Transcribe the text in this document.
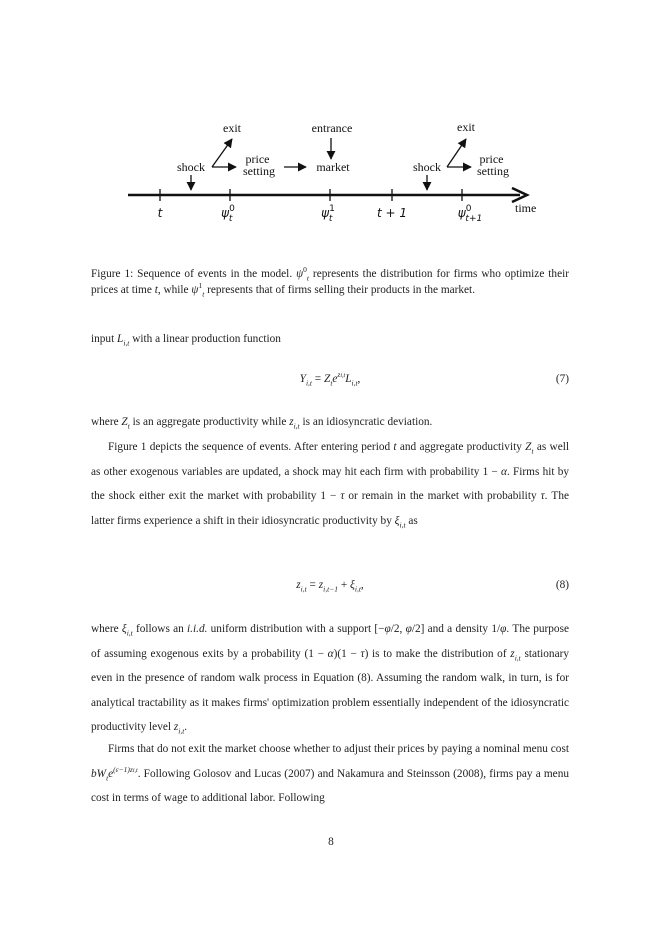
t	$\psi^0$ t	$\psi^1$ t	t + 1	$\psi^0$ t+1
time
shock
exit
price setting
entrance
market	shock
exit
price setting
Figure 1: Sequence of events in the model. $\psi^0_t$ represents the distribution for firms who optimize their prices at time t, while $\psi^1_t$ represents that of firms selling their products in the market.
input $L_{i,t}$ with a linear production function
$Y_{i,t} = Z_te^{zi,t}L_{i,t}$,	(7)
where $Z_t$ is an aggregate productivity while $z_{i,t}$ is an idiosyncratic deviation.
Figure 1 depicts the sequence of events. After entering period t and aggregate productivity $Z_t$ as well as other exogenous variables are updated, a shock may hit each firm with probability 1 − α. Firms hit by the shock either exit the market with probability 1 − τ or remain in the market with probability τ. The latter firms experience a shift in their idiosyncratic productivity by $\xi_{i,t}$ as
$z_{i,t} = z_{i,t-1} + \xi_{i,t}$,	(8)
where $\xi_{i,t}$ follows an i.i.d. uniform distribution with a support [−φ/2, φ/2] and a density 1/φ. The purpose of assuming exogenous exits by a probability (1 − α)(1 − τ) is to make the distribution of $z_{i,t}$ stationary even in the presence of random walk process in Equation (8). Assuming the random walk, in turn, is for analytical tractability as it makes firms' optimization problem essentially independent of the idiosyncratic productivity level $z_{i,t}$.
Firms that do not exit the market choose whether to adjust their prices by paying a nominal menu cost $bW_te^{(\varepsilon-1)zi,t}$. Following Golosov and Lucas (2007) and Nakamura and Steinsson (2008), firms pay a menu cost in terms of wage to additional labor. Following
8
